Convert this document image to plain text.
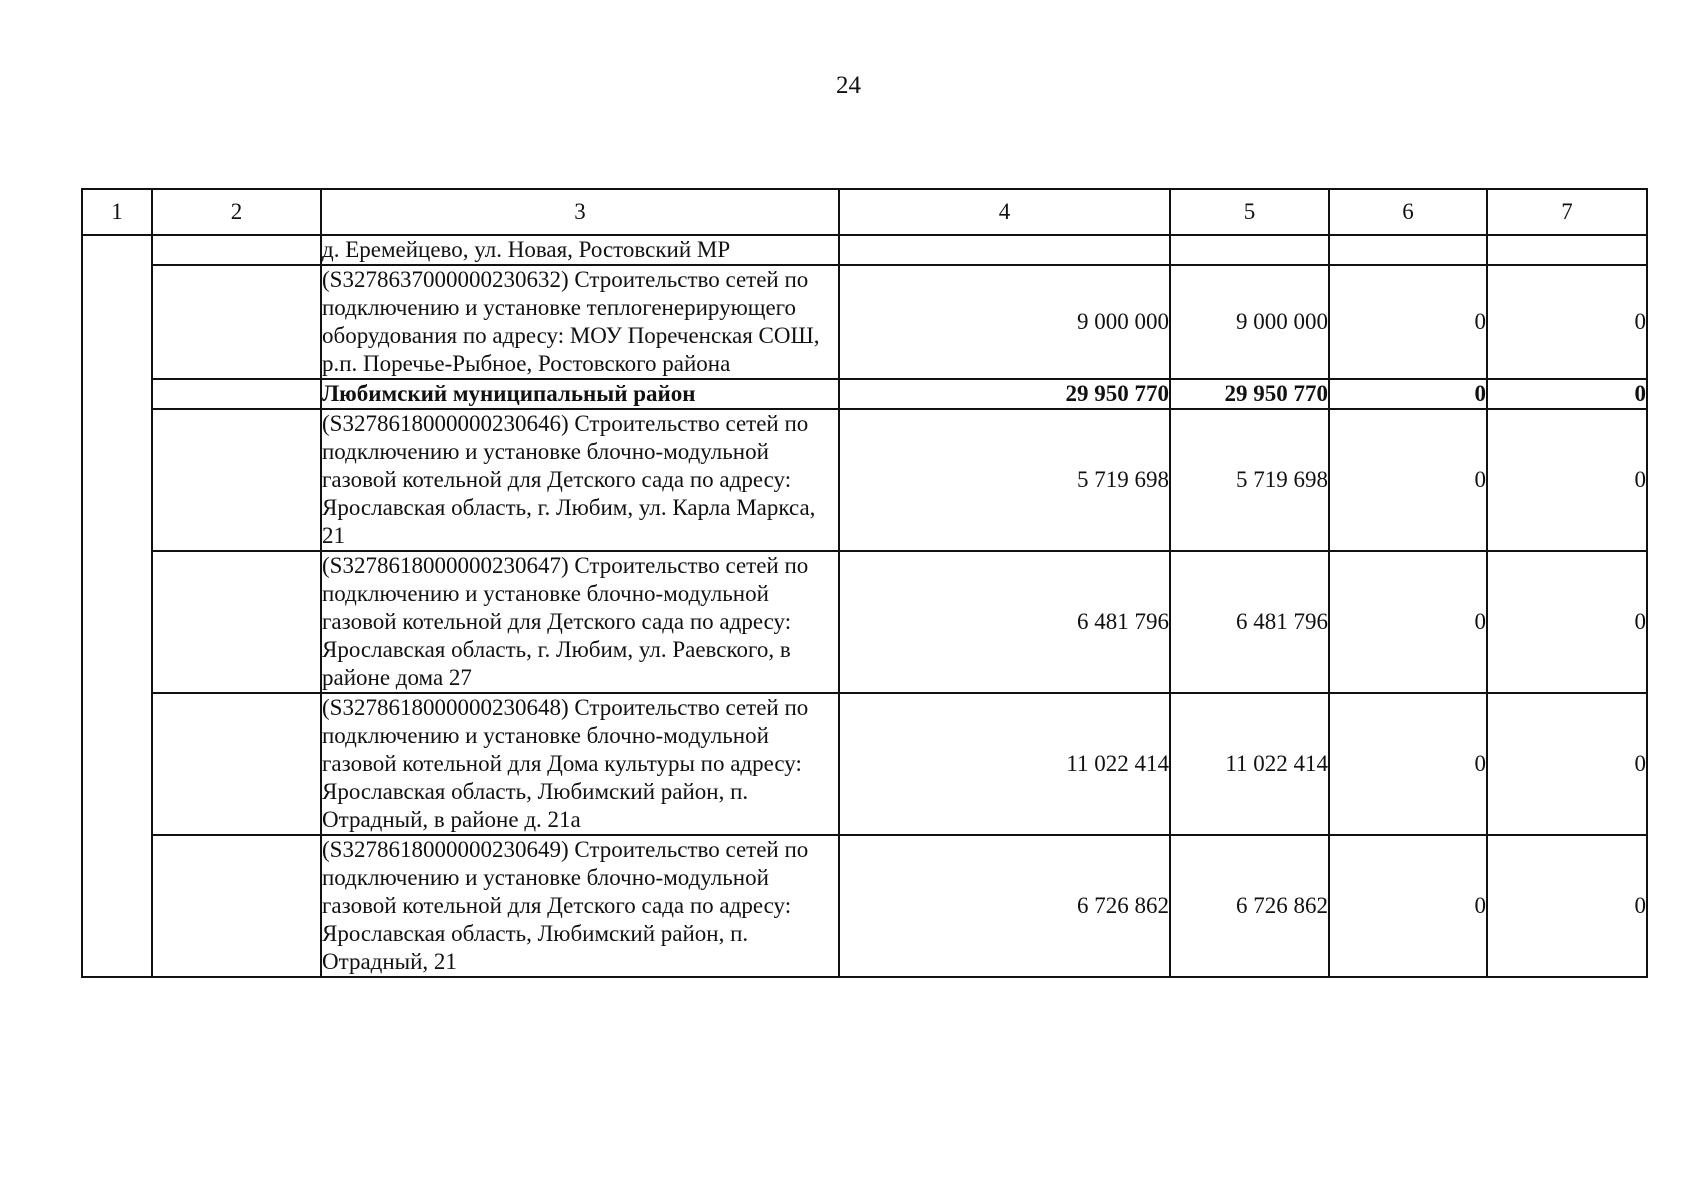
24
1	2	3	4	5	6	7
		д. Еремейцево, ул. Новая, Ростовский МР				
		(S3278637000000230632) Строительство сетей по подключению и установке теплогенерирующего оборудования по адресу: МОУ Пореченская СОШ, р.п. Поречье-Рыбное, Ростовского района	9 000 000	9 000 000	0	0
		Любимский муниципальный район	29 950 770	29 950 770	0	0
		(S3278618000000230646) Строительство сетей по подключению и установке блочно-модульной газовой котельной для Детского сада по адресу: Ярославская область, г. Любим, ул. Карла Маркса, 21	5 719 698	5 719 698	0	0
		(S3278618000000230647) Строительство сетей по подключению и установке блочно-модульной газовой котельной для Детского сада по адресу: Ярославская область, г. Любим, ул. Раевского, в районе дома 27	6 481 796	6 481 796	0	0
		(S3278618000000230648) Строительство сетей по подключению и установке блочно-модульной газовой котельной для Дома культуры по адресу: Ярославская область, Любимский район, п. Отрадный, в районе д. 21а	11 022 414	11 022 414	0	0
		(S3278618000000230649) Строительство сетей по подключению и установке блочно-модульной газовой котельной для Детского сада по адресу: Ярославская область, Любимский район, п. Отрадный, 21	6 726 862	6 726 862	0	0
